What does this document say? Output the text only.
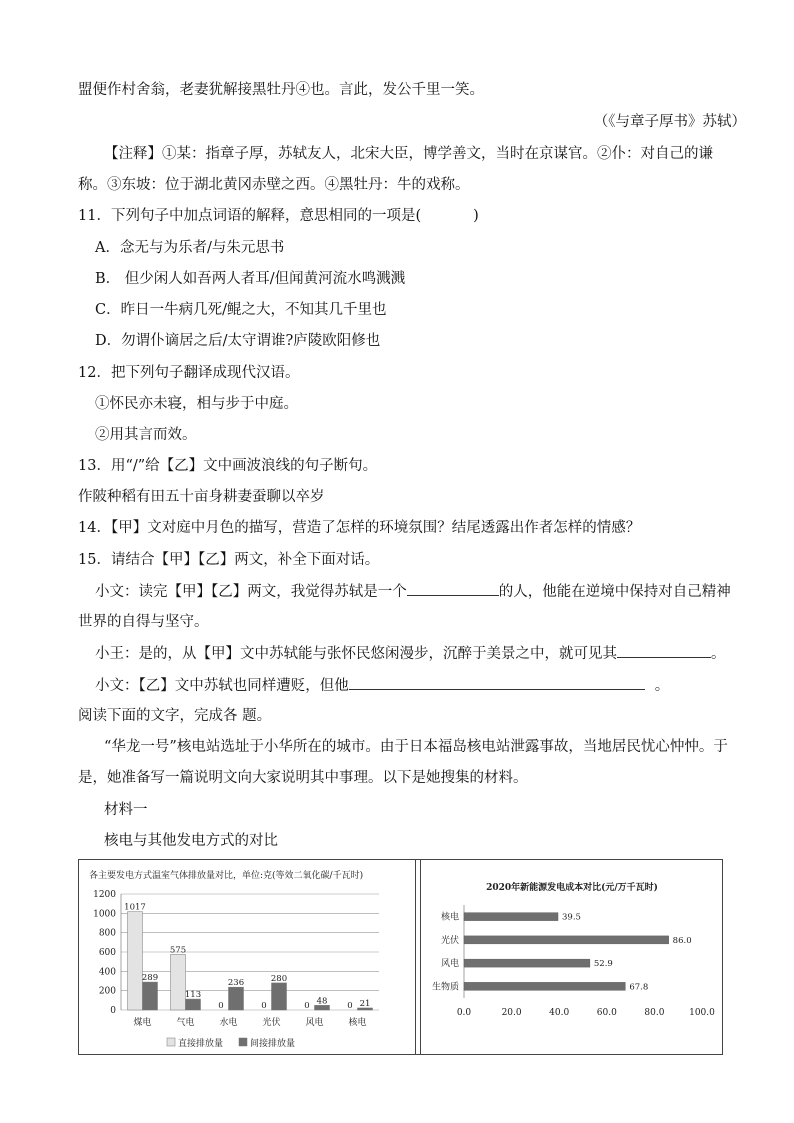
盟便作村舍翁，老妻犹解接黑牡丹④也。言此，发公千里一笑。
（《与章子厚书》苏轼）
【注释】①某：指章子厚，苏轼友人，北宋大臣，博学善文，当时在京谋官。②仆：对自己的谦
称。③东坡：位于湖北黄冈赤壁之西。④黑牡丹：牛的戏称。
11．下列句子中加点词语的解释，意思相同的一项是(	)
A．念无与为乐者/与朱元思书
B． 但少闲人如吾两人者耳/但闻黄河流水鸣溅溅
C．昨日一牛病几死/鲲之大，不知其几千里也
D．勿谓仆谪居之后/太守谓谁?庐陵欧阳修也
12．把下列句子翻译成现代汉语。
①怀民亦未寝，相与步于中庭。
②用其言而效。
13．用“/”给【乙】文中画波浪线的句子断句。
作陂种稻有田五十亩身耕妻蚕聊以卒岁
14．【甲】文对庭中月色的描写，营造了怎样的环境氛围？结尾透露出作者怎样的情感？
15．请结合【甲】【乙】两文，补全下面对话。
小文：读完【甲】【乙】两文，我觉得苏轼是一个	的人，他能在逆境中保持对自己精神
世界的自得与坚守。
小王：是的，从【甲】文中苏轼能与张怀民悠闲漫步，沉醉于美景之中，就可见其	。
小文：【乙】文中苏轼也同样遭贬，但他	。
阅读下面的文字，完成各 题。
“华龙一号”核电站选址于小华所在的城市。由于日本福岛核电站泄露事故，当地居民忧心忡忡。于
是，她准备写一篇说明文向大家说明其中事理。以下是她搜集的材料。
材料一
核电与其他发电方式的对比
各主要发电方式温室气体排放量对比，单位:克(等效二氧化碳/千瓦时)
0
200
400
600
800
1000
1200
煤电
1017
289
气电
575
113
水电
0
236
光伏
0
280
风电
0 48
核电
0 21
直接排放量	间接排放量
2020年新能源发电成本对比(元/万千瓦时)
0.0	20.0	40.0	60.0	80.0	100.0
核电	39.5
光伏	86.0
风电	52.9
生物质	67.8
